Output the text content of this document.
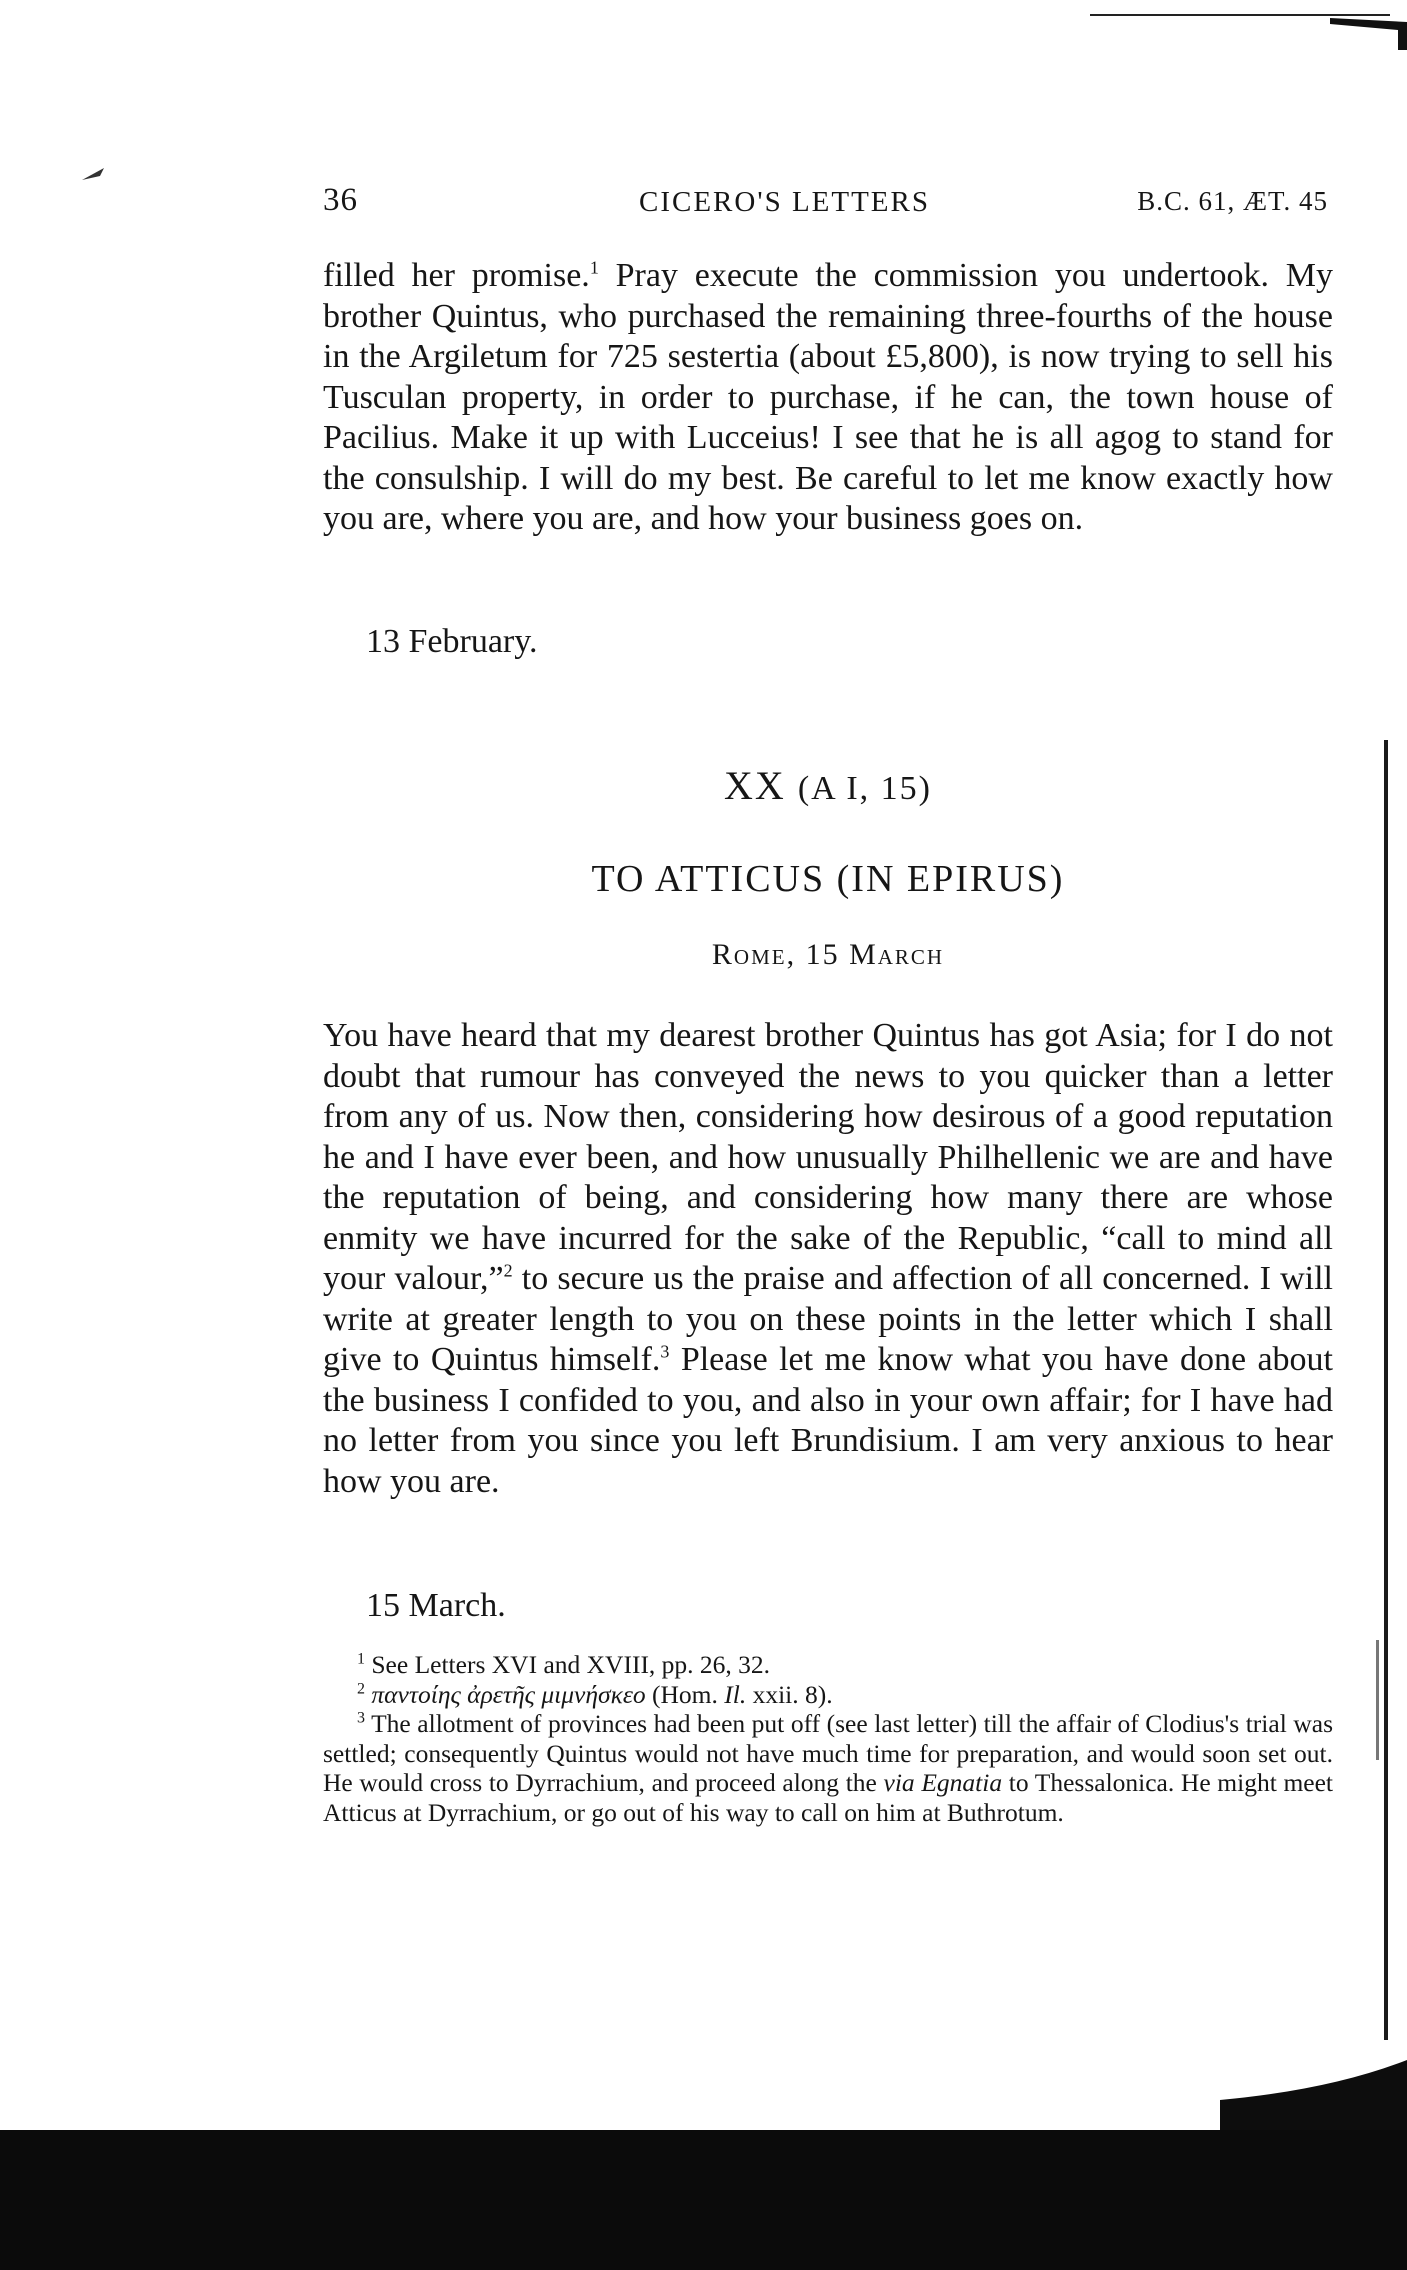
36	CICERO'S LETTERS	B.C. 61, ÆT. 45

filled her promise.$^1$ Pray execute the commission you undertook. My brother Quintus, who purchased the remaining three-fourths of the house in the Argiletum for 725 sestertia (about £5,800), is now trying to sell his Tusculan property, in order to purchase, if he can, the town house of Pacilius. Make it up with Lucceius! I see that he is all agog to stand for the consulship. I will do my best. Be careful to let me know exactly how you are, where you are, and how your business goes on.

13 February.
XX (A I, 15)
TO ATTICUS (IN EPIRUS)
Rome, 15 March

You have heard that my dearest brother Quintus has got Asia; for I do not doubt that rumour has conveyed the news to you quicker than a letter from any of us. Now then, considering how desirous of a good reputation he and I have ever been, and how unusually Philhellenic we are and have the reputation of being, and considering how many there are whose enmity we have incurred for the sake of the Republic, “call to mind all your valour,”$^2$ to secure us the praise and affection of all concerned. I will write at greater length to you on these points in the letter which I shall give to Quintus himself.$^3$ Please let me know what you have done about the business I confided to you, and also in your own affair; for I have had no letter from you since you left Brundisium. I am very anxious to hear how you are.

15 March.

$^1$ See Letters XVI and XVIII, pp. 26, 32.

$^2$ παντοίης ἀρετῆς μιμνήσκεο (Hom. Il. xxii. 8).

$^3$ The allotment of provinces had been put off (see last letter) till the affair of Clodius's trial was settled; consequently Quintus would not have much time for preparation, and would soon set out. He would cross to Dyrrachium, and proceed along the via Egnatia to Thessalonica. He might meet Atticus at Dyrrachium, or go out of his way to call on him at Buthrotum.
